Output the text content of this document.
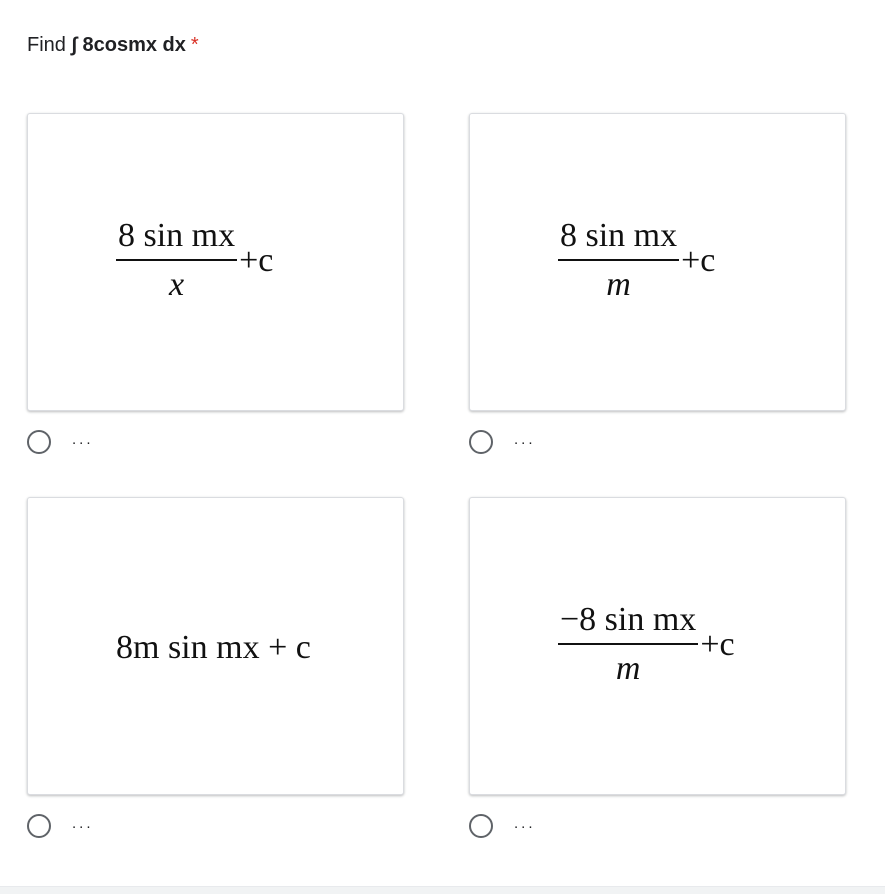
Find ∫ 8cosmx dx *
$\frac{\text{8 sin mx}}{x} +c$
...
$\frac{\text{8 sin mx}}{m} +c$
...
8m sin mx + c
...
$\frac{\text{−8 sin mx}}{m} +c$
...
